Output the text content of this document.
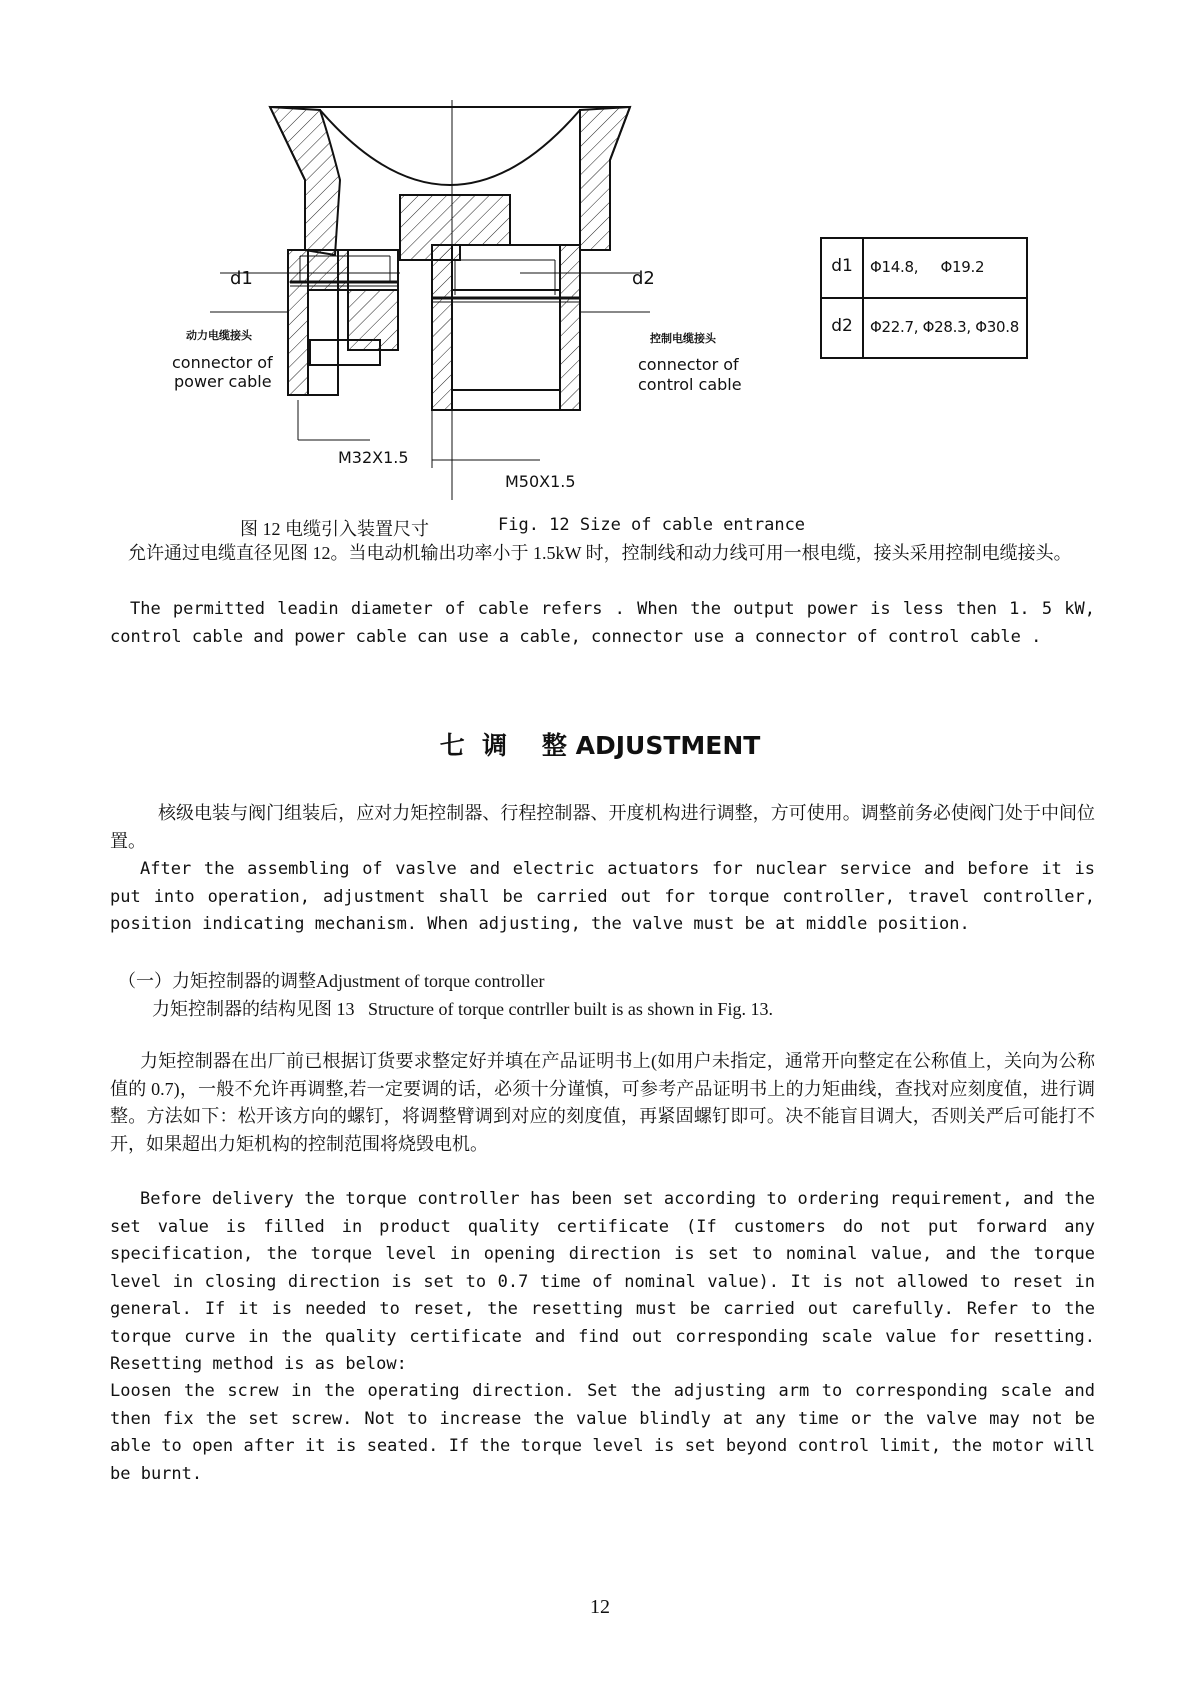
d1	d2
动力电缆接头
connector of
power cable
控制电缆接头
connector of
control cable
M32X1.5
M50X1.5
d1	Φ14.8,     Φ19.2
d2	Φ22.7, Φ28.3, Φ30.8
图 12 电缆引入装置尺寸	Fig. 12 Size of cable entrance

允许通过电缆直径见图 12。当电动机输出功率小于 1.5kW 时，控制线和动力线可用一根电缆，接头采用控制电缆接头。

The permitted leadin diameter of cable refers . When the output power is less then 1. 5 kW, control cable and power cable can use a cable, connector use a connector of control cable .

七  调    整 ADJUSTMENT

核级电装与阀门组装后，应对力矩控制器、行程控制器、开度机构进行调整，方可使用。调整前务必使阀门处于中间位置。

After the assembling of vaslve and electric actuators for nuclear service and before it is put into operation, adjustment shall be carried out for torque controller, travel controller, position indicating mechanism. When adjusting, the valve must be at middle position.

（一）力矩控制器的调整Adjustment of torque controller
力矩控制器的结构见图 13   Structure of torque contrller built is as shown in Fig. 13.

力矩控制器在出厂前已根据订货要求整定好并填在产品证明书上(如用户未指定，通常开向整定在公称值上，关向为公称值的 0.7)，一般不允许再调整,若一定要调的话，必须十分谨慎，可参考产品证明书上的力矩曲线，查找对应刻度值，进行调整。方法如下：松开该方向的螺钉，将调整臂调到对应的刻度值，再紧固螺钉即可。决不能盲目调大，否则关严后可能打不开，如果超出力矩机构的控制范围将烧毁电机。

Before delivery the torque controller has been set according to ordering requirement, and the set value is filled in product quality certificate (If customers do not put forward any specification, the torque level in opening direction is set to nominal value, and the torque level in closing direction is set to 0.7 time of nominal value). It is not allowed to reset in general. If it is needed to reset, the resetting must be carried out carefully. Refer to the torque curve in the quality certificate and find out corresponding scale value for resetting. Resetting method is as below:

Loosen the screw in the operating direction. Set the adjusting arm to corresponding scale and then fix the set screw. Not to increase the value blindly at any time or the valve may not be able to open after it is seated. If the torque level is set beyond control limit, the motor will be burnt.

12
